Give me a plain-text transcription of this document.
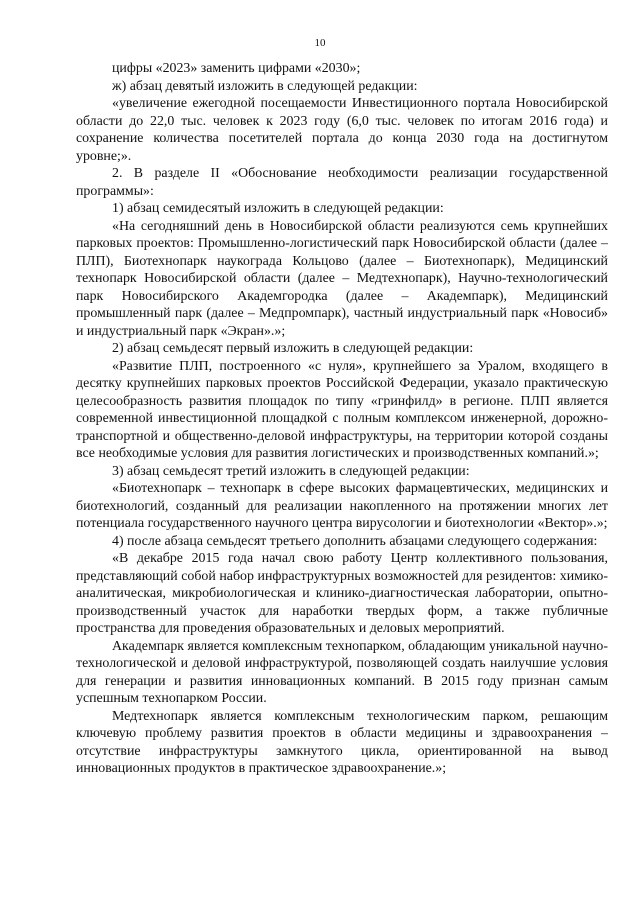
10

цифры «2023» заменить цифрами «2030»;

ж) абзац девятый изложить в следующей редакции:

«увеличение ежегодной посещаемости Инвестиционного портала Новосибирской области до 22,0 тыс. человек к 2023 году (6,0 тыс. человек по итогам 2016 года) и сохранение количества посетителей портала до конца 2030 года на достигнутом уровне;».

2. В разделе II «Обоснование необходимости реализации государственной программы»:

1) абзац семидесятый изложить в следующей редакции:

«На сегодняшний день в Новосибирской области реализуются семь крупнейших парковых проектов: Промышленно-логистический парк Новосибирской области (далее – ПЛП), Биотехнопарк наукограда Кольцово (далее – Биотехнопарк), Медицинский технопарк Новосибирской области (далее – Медтехнопарк), Научно-технологический парк Новосибирского Академгородка (далее – Академпарк), Медицинский промышленный парк (далее – Медпромпарк), частный индустриальный парк «Новосиб» и индустриальный парк «Экран».»;

2) абзац семьдесят первый изложить в следующей редакции:

«Развитие ПЛП, построенного «с нуля», крупнейшего за Уралом, входящего в десятку крупнейших парковых проектов Российской Федерации, указало практическую целесообразность развития площадок по типу «гринфилд» в регионе. ПЛП является современной инвестиционной площадкой с полным комплексом инженерной, дорожно-транспортной и общественно-деловой инфраструктуры, на территории которой созданы все необходимые условия для развития логистических и производственных компаний.»;

3) абзац семьдесят третий изложить в следующей редакции:

«Биотехнопарк – технопарк в сфере высоких фармацевтических, медицинских и биотехнологий, созданный для реализации накопленного на протяжении многих лет потенциала государственного научного центра вирусологии и биотехнологии «Вектор».»;

4) после абзаца семьдесят третьего дополнить абзацами следующего содержания:

«В декабре 2015 года начал свою работу Центр коллективного пользования, представляющий собой набор инфраструктурных возможностей для резидентов: химико-аналитическая, микробиологическая и клинико-диагностическая лаборатории, опытно-производственный участок для наработки твердых форм, а также публичные пространства для проведения образовательных и деловых мероприятий.

Академпарк является комплексным технопарком, обладающим уникальной научно-технологической и деловой инфраструктурой, позволяющей создать наилучшие условия для генерации и развития инновационных компаний. В 2015 году признан самым успешным технопарком России.

Медтехнопарк является комплексным технологическим парком, решающим ключевую проблему развития проектов в области медицины и здравоохранения – отсутствие инфраструктуры замкнутого цикла, ориентированной на вывод инновационных продуктов в практическое здравоохранение.»;
